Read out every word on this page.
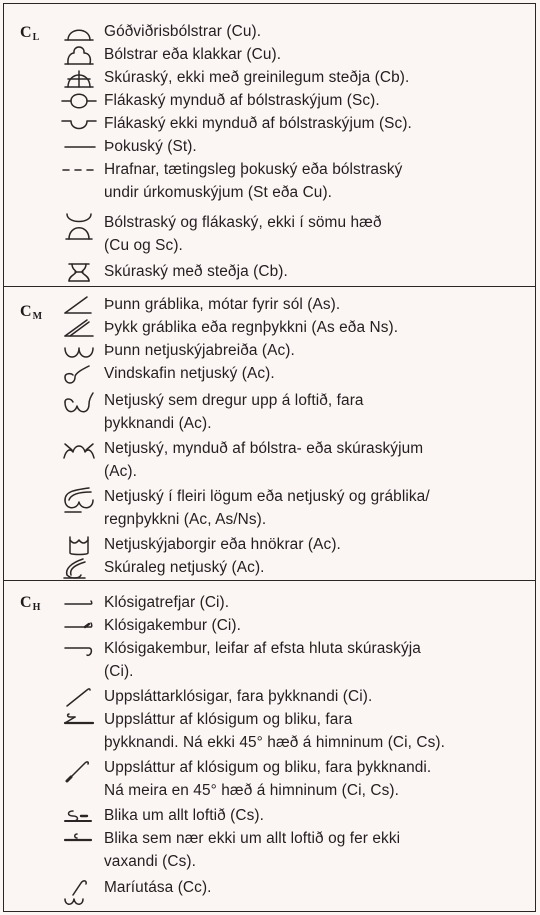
$C_L$	Góðviðrisbólstrar (Cu).
Bólstrar eða klakkar (Cu).
Skúraský, ekki með greinilegum steðja (Cb).
Flákaský mynduð af bólstraskýjum (Sc).
Flákaský ekki mynduð af bólstraskýjum (Sc).
Þokuský (St).
Hrafnar, tætingsleg þokuský eða bólstraský
undir úrkomuskýjum (St eða Cu).
Bólstraský og flákaský, ekki í sömu hæð
(Cu og Sc).
Skúraský með steðja (Cb).
$C_M$
Þunn gráblika, mótar fyrir sól (As).
Þykk gráblika eða regnþykkni (As eða Ns).
Þunn netjuskýjabreiða (Ac).
Vindskafin netjuský (Ac).
Netjuský sem dregur upp á loftið, fara
þykknandi (Ac).
Netjuský, mynduð af bólstra- eða skúraskýjum
(Ac).
Netjuský í fleiri lögum eða netjuský og gráblika/
regnþykkni (Ac, As/Ns).
Netjuskýjaborgir eða hnökrar (Ac).
Skúraleg netjuský (Ac).
$C_H$	Klósigatrefjar (Ci).
Klósigakembur (Ci).
Klósigakembur, leifar af efsta hluta skúraskýja
(Ci).
Uppsláttarklósigar, fara þykknandi (Ci).
Uppsláttur af klósigum og bliku, fara
þykknandi. Ná ekki 45° hæð á himninum (Ci, Cs).
Uppsláttur af klósigum og bliku, fara þykknandi.
Ná meira en 45° hæð á himninum (Ci, Cs).
Blika um allt loftið (Cs).
Blika sem nær ekki um allt loftið og fer ekki
vaxandi (Cs).
Maríutása (Cc).
